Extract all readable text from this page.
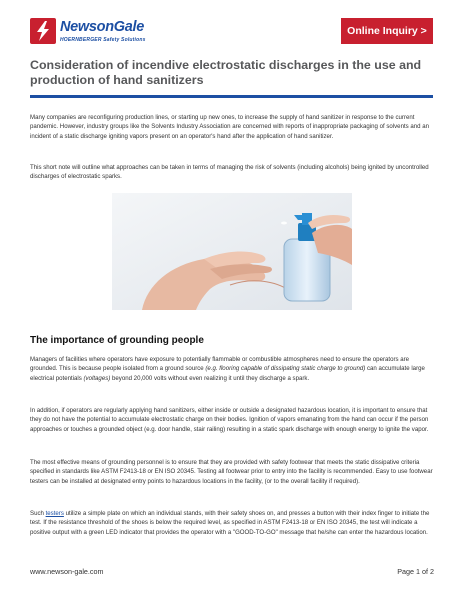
NewsonGale
HOERNBERGER Safety Solutions
Online Inquiry >
Consideration of incendive electrostatic discharges in the use and production of hand sanitizers

Many companies are reconfiguring production lines, or starting up new ones, to increase the supply of hand sanitizer in response to the current pandemic. However, industry groups like the Solvents Industry Association are concerned with reports of inappropriate packaging of solvents and an incident of a static discharge igniting vapors present on an operator's hand after the application of hand sanitizer.

This short note will outline what approaches can be taken in terms of managing the risk of solvents (including alcohols) being ignited by uncontrolled discharges of electrostatic sparks.

The importance of grounding people

Managers of facilities where operators have exposure to potentially flammable or combustible atmospheres need to ensure the operators are grounded. This is because people isolated from a ground source (e.g. flooring capable of dissipating static charge to ground) can accumulate large electrical potentials (voltages) beyond 20,000 volts without even realizing it until they discharge a spark.

In addition, if operators are regularly applying hand sanitizers, either inside or outside a designated hazardous location, it is important to ensure that they do not have the potential to accumulate electrostatic charge on their bodies. Ignition of vapors emanating from the hand can occur if the person approaches or touches a grounded object (e.g. door handle, stair railing) resulting in a static spark discharge with enough energy to ignite the vapor.

The most effective means of grounding personnel is to ensure that they are provided with safety footwear that meets the static dissipative criteria specified in standards like ASTM F2413-18 or EN ISO 20345. Testing all footwear prior to entry into the facility is recommended. Easy to use footwear testers can be installed at designated entry points to hazardous locations in the facility, (or to the overall facility if required).

Such testers utilize a simple plate on which an individual stands, with their safety shoes on, and presses a button with their index finger to initiate the test. If the resistance threshold of the shoes is below the required level, as specified in ASTM F2413-18 or EN ISO 20345, the test will indicate a positive output with a green LED indicator that provides the operator with a "GOOD-TO-GO" message that he/she can enter the hazardous location.

www.newson-gale.com	Page 1 of 2
